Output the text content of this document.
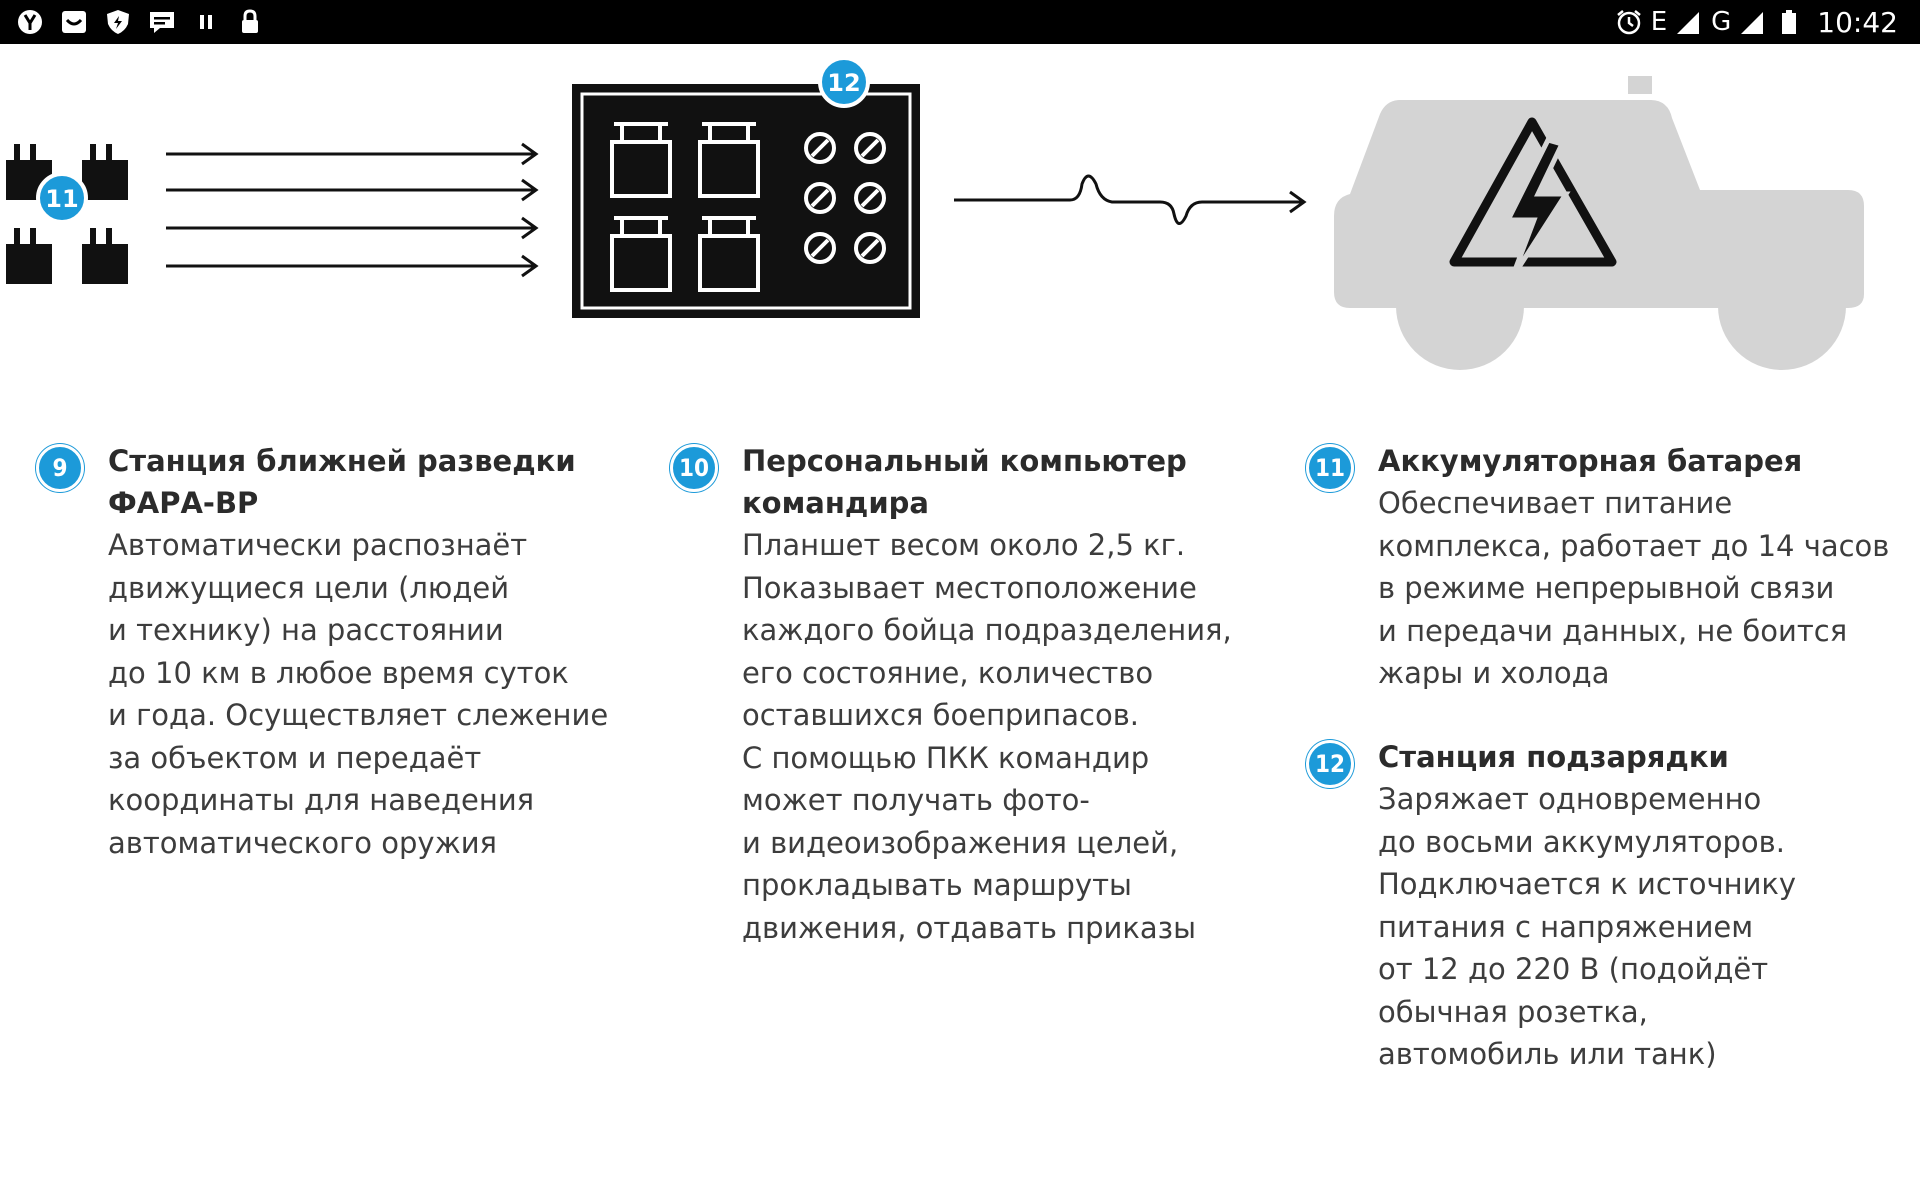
E G	10:42
11
12
9	Станция ближней разведки
ФАРА-ВР

Автоматически распознаёт
движущиеся цели (людей
и технику) на расстоянии
до 10 км в любое время суток
и года. Осуществляет слежение
за объектом и передаёт
координаты для наведения
автоматического оружия

10	Персональный компьютер
командира

Планшет весом около 2,5 кг.
Показывает местоположение
каждого бойца подразделения,
его состояние, количество
оставшихся боеприпасов.
С помощью ПКК командир
может получать фото-
и видеоизображения целей,
прокладывать маршруты
движения, отдавать приказы

11	Аккумуляторная батарея

Обеспечивает питание
комплекса, работает до 14 часов
в режиме непрерывной связи
и передачи данных, не боится
жары и холода

12	Станция подзарядки

Заряжает одновременно
до восьми аккумуляторов.
Подключается к источнику
питания с напряжением
от 12 до 220 В (подойдёт
обычная розетка,
автомобиль или танк)
